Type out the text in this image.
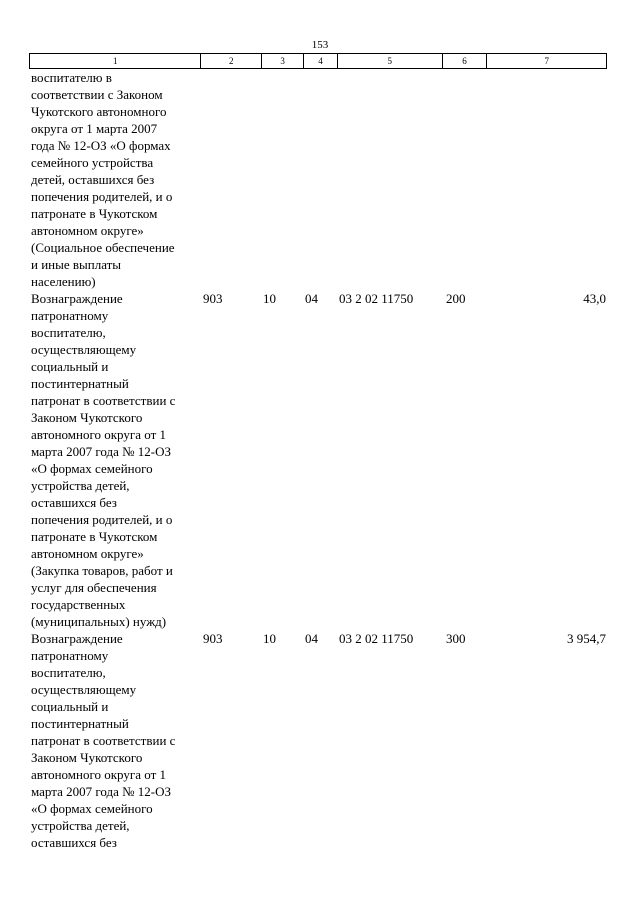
153
1	2	3	4	5	6	7
воспитателю в
соответствии с Законом
Чукотского автономного
округа от 1 марта 2007
года № 12-ОЗ «О формах
семейного устройства
детей, оставшихся без
попечения родителей, и о
патронате в Чукотском
автономном округе»
(Социальное обеспечение
и иные выплаты
населению)
Вознаграждение
патронатному
воспитателю,
осуществляющему
социальный и
постинтернатный
патронат в соответствии с
Законом Чукотского
автономного округа от 1
марта 2007 года № 12-ОЗ
«О формах семейного
устройства детей,
оставшихся без
попечения родителей, и о
патронате в Чукотском
автономном округе»
(Закупка товаров, работ и
услуг для обеспечения
государственных
(муниципальных) нужд)
903	10	04	03 2 02 11750	200	43,0
Вознаграждение
патронатному
воспитателю,
осуществляющему
социальный и
постинтернатный
патронат в соответствии с
Законом Чукотского
автономного округа от 1
марта 2007 года № 12-ОЗ
«О формах семейного
устройства детей,
оставшихся без
903	10	04	03 2 02 11750	300	3 954,7
